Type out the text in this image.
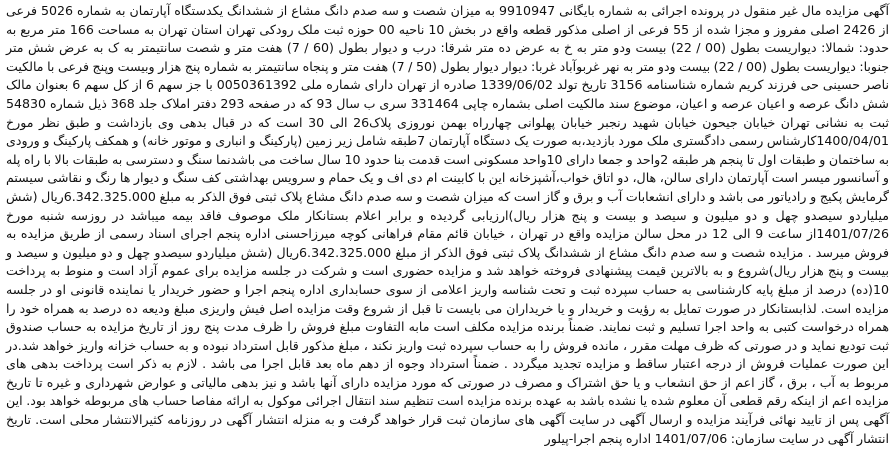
آگهی مزایده مال غیر منقول در پرونده اجرائی به شماره بایگانی 9910947 به میزان شصت و سه صدم دانگ مشاع از ششدانگ یکدستگاه آپارتمان به شماره 5026 فرعی از 2426 اصلی مفروز و مجزا شده از 55 فرعی از اصلی مذکور قطعه واقع در بخش 10 ناحیه 00 حوزه ثبت ملک رودکی تهران استان تهران به مساحت 166 متر مربع به حدود: شمالا: دیواریست بطول (00 / 22) بیست ودو متر به خ به عرض ده متر شرقا: درب و دیوار بطول (60 / 7) هفت متر و شصت سانتیمتر به ک به عرض شش متر جنوبا: دیواریست بطول (00 / 22) بیست ودو متر به نهر غربوآباد غربا: دیوار دیوار بطول (50 / 7) هفت متر و پنجاه سانتیمتر به شماره پنج هزار وبیست وپنج فرعی با مالکیت ناصر حسینی حی فرزند کریم شماره شناسنامه 3156 تاریخ تولد 1339/06/02 صادره از تهران دارای شماره ملی 0050361392 با جز سهم 6 از کل سهم 6 بعنوان مالک شش دانگ عرصه و اعیان عرصه و اعیان، موضوع سند مالکیت اصلی بشماره چاپی 331464 سری ب سال 93 که در صفحه 293 دفتر املاک جلد 368 ذیل شماره 54830 ثبت به نشانی تهران خیابان جیحون خیابان شهید رنجبر خیابان پهلوانی چهارراه بهمن نوروزی پلاک26 الی 30 است که در قبال بدهی وی بازداشت و طبق نظر مورخ 1400/04/01کارشناس رسمی دادگستری ملک مورد بازدید،به صورت یک دستگاه آپارتمان 7طبقه شامل زیر زمین (پارکینگ و انباری و موتور خانه) و همکف پارکینگ و ورودی به ساختمان و طبقات اول تا پنجم هر طبقه 2واحد و جمعا دارای 10واحد مسکونی است قدمت بنا حدود 10 سال ساخت می باشدنما سنگ و دسترسی به طبقات بالا با راه پله و آسانسور میسر است آپارتمان دارای سالن، هال، دو اتاق خواب،آشپزخانه این با کابینت ام دی اف و یک حمام و سرویس بهداشتی کف سنگ و دیوار ها رنگ و نقاشی سیستم گرمایش پکیج و رادیاتور می باشد و دارای انشعابات آب و برق و گاز است که میزان شصت و سه صدم دانگ مشاع پلاک ثبتی فوق الذکر به مبلغ 6.342.325.000ریال (شش میلیاردو سیصدو چهل و دو میلیون و سیصد و بیست و پنج هزار ریال)ارزیابی گردیده و برابر اعلام بستانکار ملک موصوف فاقد بیمه میباشد در روزسه شنبه مورخ 1401/07/26از ساعت 9 الی 12 در محل سالن مزایده واقع در تهران ، خیابان قائم مقام فراهانی کوچه میرزاحسنی اداره پنجم اجرای اسناد رسمی از طریق مزایده به فروش میرسد . مزایده شصت و سه صدم دانگ مشاع از ششدانگ پلاک ثبتی فوق الذکر از مبلغ 6.342.325.000ریال (شش میلیاردو سیصدو چهل و دو میلیون و سیصد و بیست و پنج هزار ریال)شروع و به بالاترین قیمت پیشنهادی فروخته خواهد شد و مزایده حضوری است و شرکت در جلسه مزایده برای عموم آزاد است و منوط به پرداخت 10(ده) درصد از مبلغ پایه کارشناسی به حساب سپرده ثبت و تحت شناسه واریز اعلامی از سوی حسابداری اداره پنجم اجرا و حضور خریدار یا نماینده قانونی او در جلسه مزایده است. لذابستانکار در صورت تمایل به رؤیت و خریدار و یا خریداران می بایست تا قبل از شروع وقت مزایده اصل فیش واریزی مبلغ ودیعه ده درصد به همراه خود را همراه درخواست کتبی به واحد اجرا تسلیم و ثبت نمایند. ضمناً برنده مزایده مکلف است مابه التفاوت مبلغ فروش را ظرف مدت پنج روز از تاریخ مزایده به حساب صندوق ثبت تودیع نماید و در صورتی که ظرف مهلت مقرر ، مانده فروش را به حساب سپرده ثبت واریز نکند ، مبلغ مذکور قابل استرداد نبوده و به حساب خزانه واریز خواهد شد.در این صورت عملیات فروش از درجه اعتبار ساقط و مزایده تجدید میگردد . ضمناً استرداد وجوه از دهم ماه بعد قابل اجرا می باشد . لازم به ذکر است پرداخت بدهی های مربوط به آب ، برق ، گاز اعم از حق انشعاب و یا حق اشتراک و مصرف در صورتی که مورد مزایده دارای آنها باشد و نیز بدهی مالیاتی و عوارض شهرداری و غیره تا تاریخ مزایده اعم از اینکه رقم قطعی آن معلوم شده یا نشده باشد به عهده برنده مزایده است تنظیم سند انتقال اجرائی موکول به ارائه مفاصا حساب های مربوطه خواهد بود. این آگهی پس از تایید نهائی فرآیند مزایده و ارسال آگهی در سایت آگهی های سازمان ثبت قرار خواهد گرفت و به منزله انتشار آگهی در روزنامه کثیرالانتشار محلی است. تاریخ انتشار آگهی در سایت سازمان: 1401/07/06 اداره پنجم اجرا-پیلور
